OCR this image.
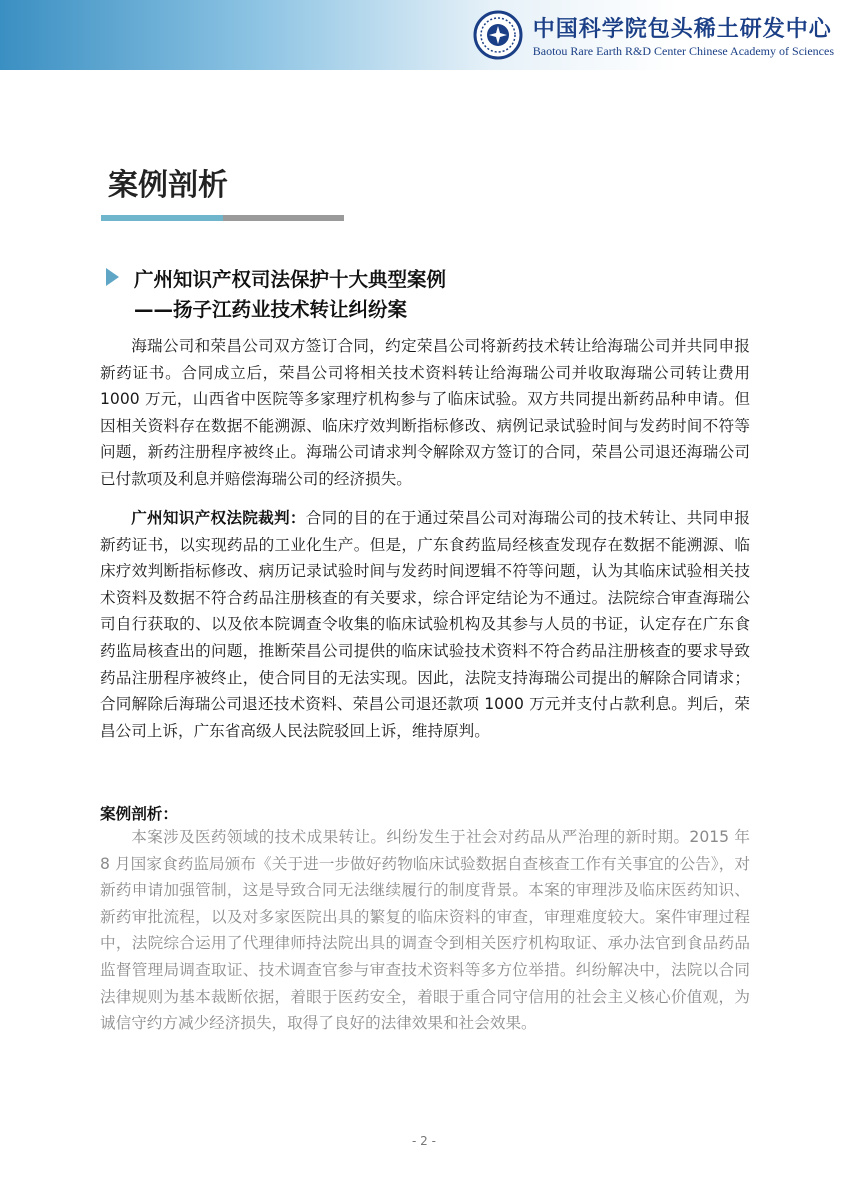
中国科学院包头稀土研发中心
Baotou Rare Earth R&D Center Chinese Academy of Sciences
案例剖析
广州知识产权司法保护十大典型案例
——扬子江药业技术转让纠纷案

海瑞公司和荣昌公司双方签订合同，约定荣昌公司将新药技术转让给海瑞公司并共同申报新药证书。合同成立后，荣昌公司将相关技术资料转让给海瑞公司并收取海瑞公司转让费用 1000 万元，山西省中医院等多家理疗机构参与了临床试验。双方共同提出新药品种申请。但因相关资料存在数据不能溯源、临床疗效判断指标修改、病例记录试验时间与发药时间不符等问题，新药注册程序被终止。海瑞公司请求判令解除双方签订的合同，荣昌公司退还海瑞公司已付款项及利息并赔偿海瑞公司的经济损失。

广州知识产权法院裁判：合同的目的在于通过荣昌公司对海瑞公司的技术转让、共同申报新药证书，以实现药品的工业化生产。但是，广东食药监局经核查发现存在数据不能溯源、临床疗效判断指标修改、病历记录试验时间与发药时间逻辑不符等问题，认为其临床试验相关技术资料及数据不符合药品注册核查的有关要求，综合评定结论为不通过。法院综合审查海瑞公司自行获取的、以及依本院调查令收集的临床试验机构及其参与人员的书证，认定存在广东食药监局核查出的问题，推断荣昌公司提供的临床试验技术资料不符合药品注册核查的要求导致药品注册程序被终止，使合同目的无法实现。因此，法院支持海瑞公司提出的解除合同请求；合同解除后海瑞公司退还技术资料、荣昌公司退还款项 1000 万元并支付占款利息。判后，荣昌公司上诉，广东省高级人民法院驳回上诉，维持原判。

案例剖析：

本案涉及医药领域的技术成果转让。纠纷发生于社会对药品从严治理的新时期。2015 年 8 月国家食药监局颁布《关于进一步做好药物临床试验数据自查核查工作有关事宜的公告》，对新药申请加强管制，这是导致合同无法继续履行的制度背景。本案的审理涉及临床医药知识、新药审批流程，以及对多家医院出具的繁复的临床资料的审查，审理难度较大。案件审理过程中，法院综合运用了代理律师持法院出具的调查令到相关医疗机构取证、承办法官到食品药品监督管理局调查取证、技术调查官参与审查技术资料等多方位举措。纠纷解决中，法院以合同法律规则为基本裁断依据，着眼于医药安全，着眼于重合同守信用的社会主义核心价值观，为诚信守约方减少经济损失，取得了良好的法律效果和社会效果。

- 2 -
